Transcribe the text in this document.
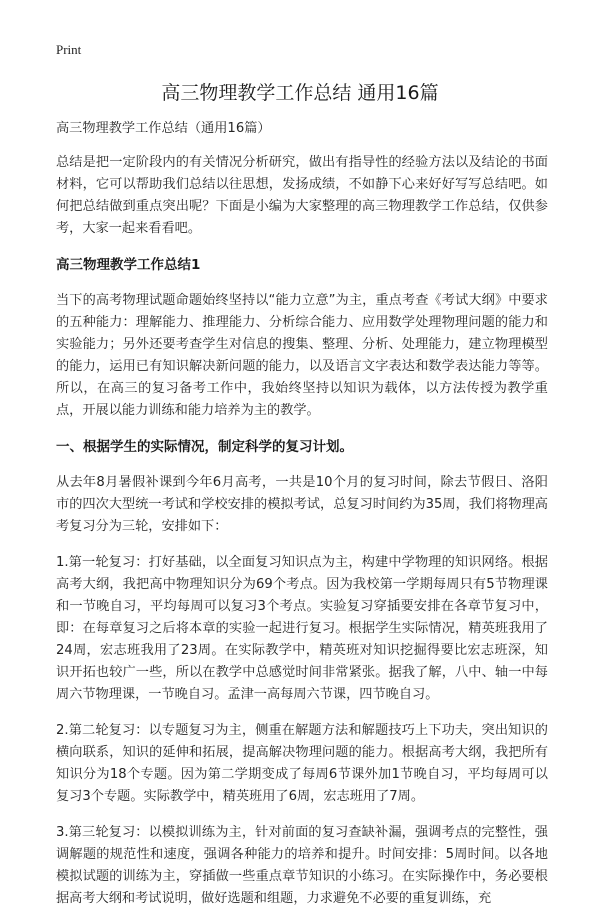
Print
高三物理教学工作总结 通用16篇

高三物理教学工作总结（通用16篇）

总结是把一定阶段内的有关情况分析研究，做出有指导性的经验方法以及结论的书面材料，它可以帮助我们总结以往思想，发扬成绩，不如静下心来好好写写总结吧。如何把总结做到重点突出呢？下面是小编为大家整理的高三物理教学工作总结，仅供参考，大家一起来看看吧。

高三物理教学工作总结1

当下的高考物理试题命题始终坚持以“能力立意”为主，重点考查《考试大纲》中要求的五种能力：理解能力、推理能力、分析综合能力、应用数学处理物理问题的能力和实验能力；另外还要考查学生对信息的搜集、整理、分析、处理能力，建立物理模型的能力，运用已有知识解决新问题的能力，以及语言文字表达和数学表达能力等等。所以，在高三的复习备考工作中，我始终坚持以知识为载体，以方法传授为教学重点，开展以能力训练和能力培养为主的教学。

一、根据学生的实际情况，制定科学的复习计划。

从去年8月暑假补课到今年6月高考，一共是10个月的复习时间，除去节假日、洛阳市的四次大型统一考试和学校安排的模拟考试，总复习时间约为35周，我们将物理高考复习分为三轮，安排如下：

1.第一轮复习：打好基础，以全面复习知识点为主，构建中学物理的知识网络。根据高考大纲，我把高中物理知识分为69个考点。因为我校第一学期每周只有5节物理课和一节晚自习，平均每周可以复习3个考点。实验复习穿插要安排在各章节复习中，即：在每章复习之后将本章的实验一起进行复习。根据学生实际情况，精英班我用了24周，宏志班我用了23周。在实际教学中，精英班对知识挖掘得要比宏志班深，知识开拓也较广一些，所以在教学中总感觉时间非常紧张。据我了解，八中、轴一中每周六节物理课，一节晚自习。孟津一高每周六节课，四节晚自习。

2.第二轮复习：以专题复习为主，侧重在解题方法和解题技巧上下功夫，突出知识的横向联系，知识的延伸和拓展，提高解决物理问题的能力。根据高考大纲，我把所有知识分为18个专题。因为第二学期变成了每周6节课外加1节晚自习，平均每周可以复习3个专题。实际教学中，精英班用了6周，宏志班用了7周。

3.第三轮复习：以模拟训练为主，针对前面的复习查缺补漏，强调考点的完整性，强调解题的规范性和速度，强调各种能力的培养和提升。时间安排：5周时间。以各地模拟试题的训练为主，穿插做一些重点章节知识的小练习。在实际操作中，务必要根据高考大纲和考试说明，做好选题和组题，力求避免不必要的重复训练，充
